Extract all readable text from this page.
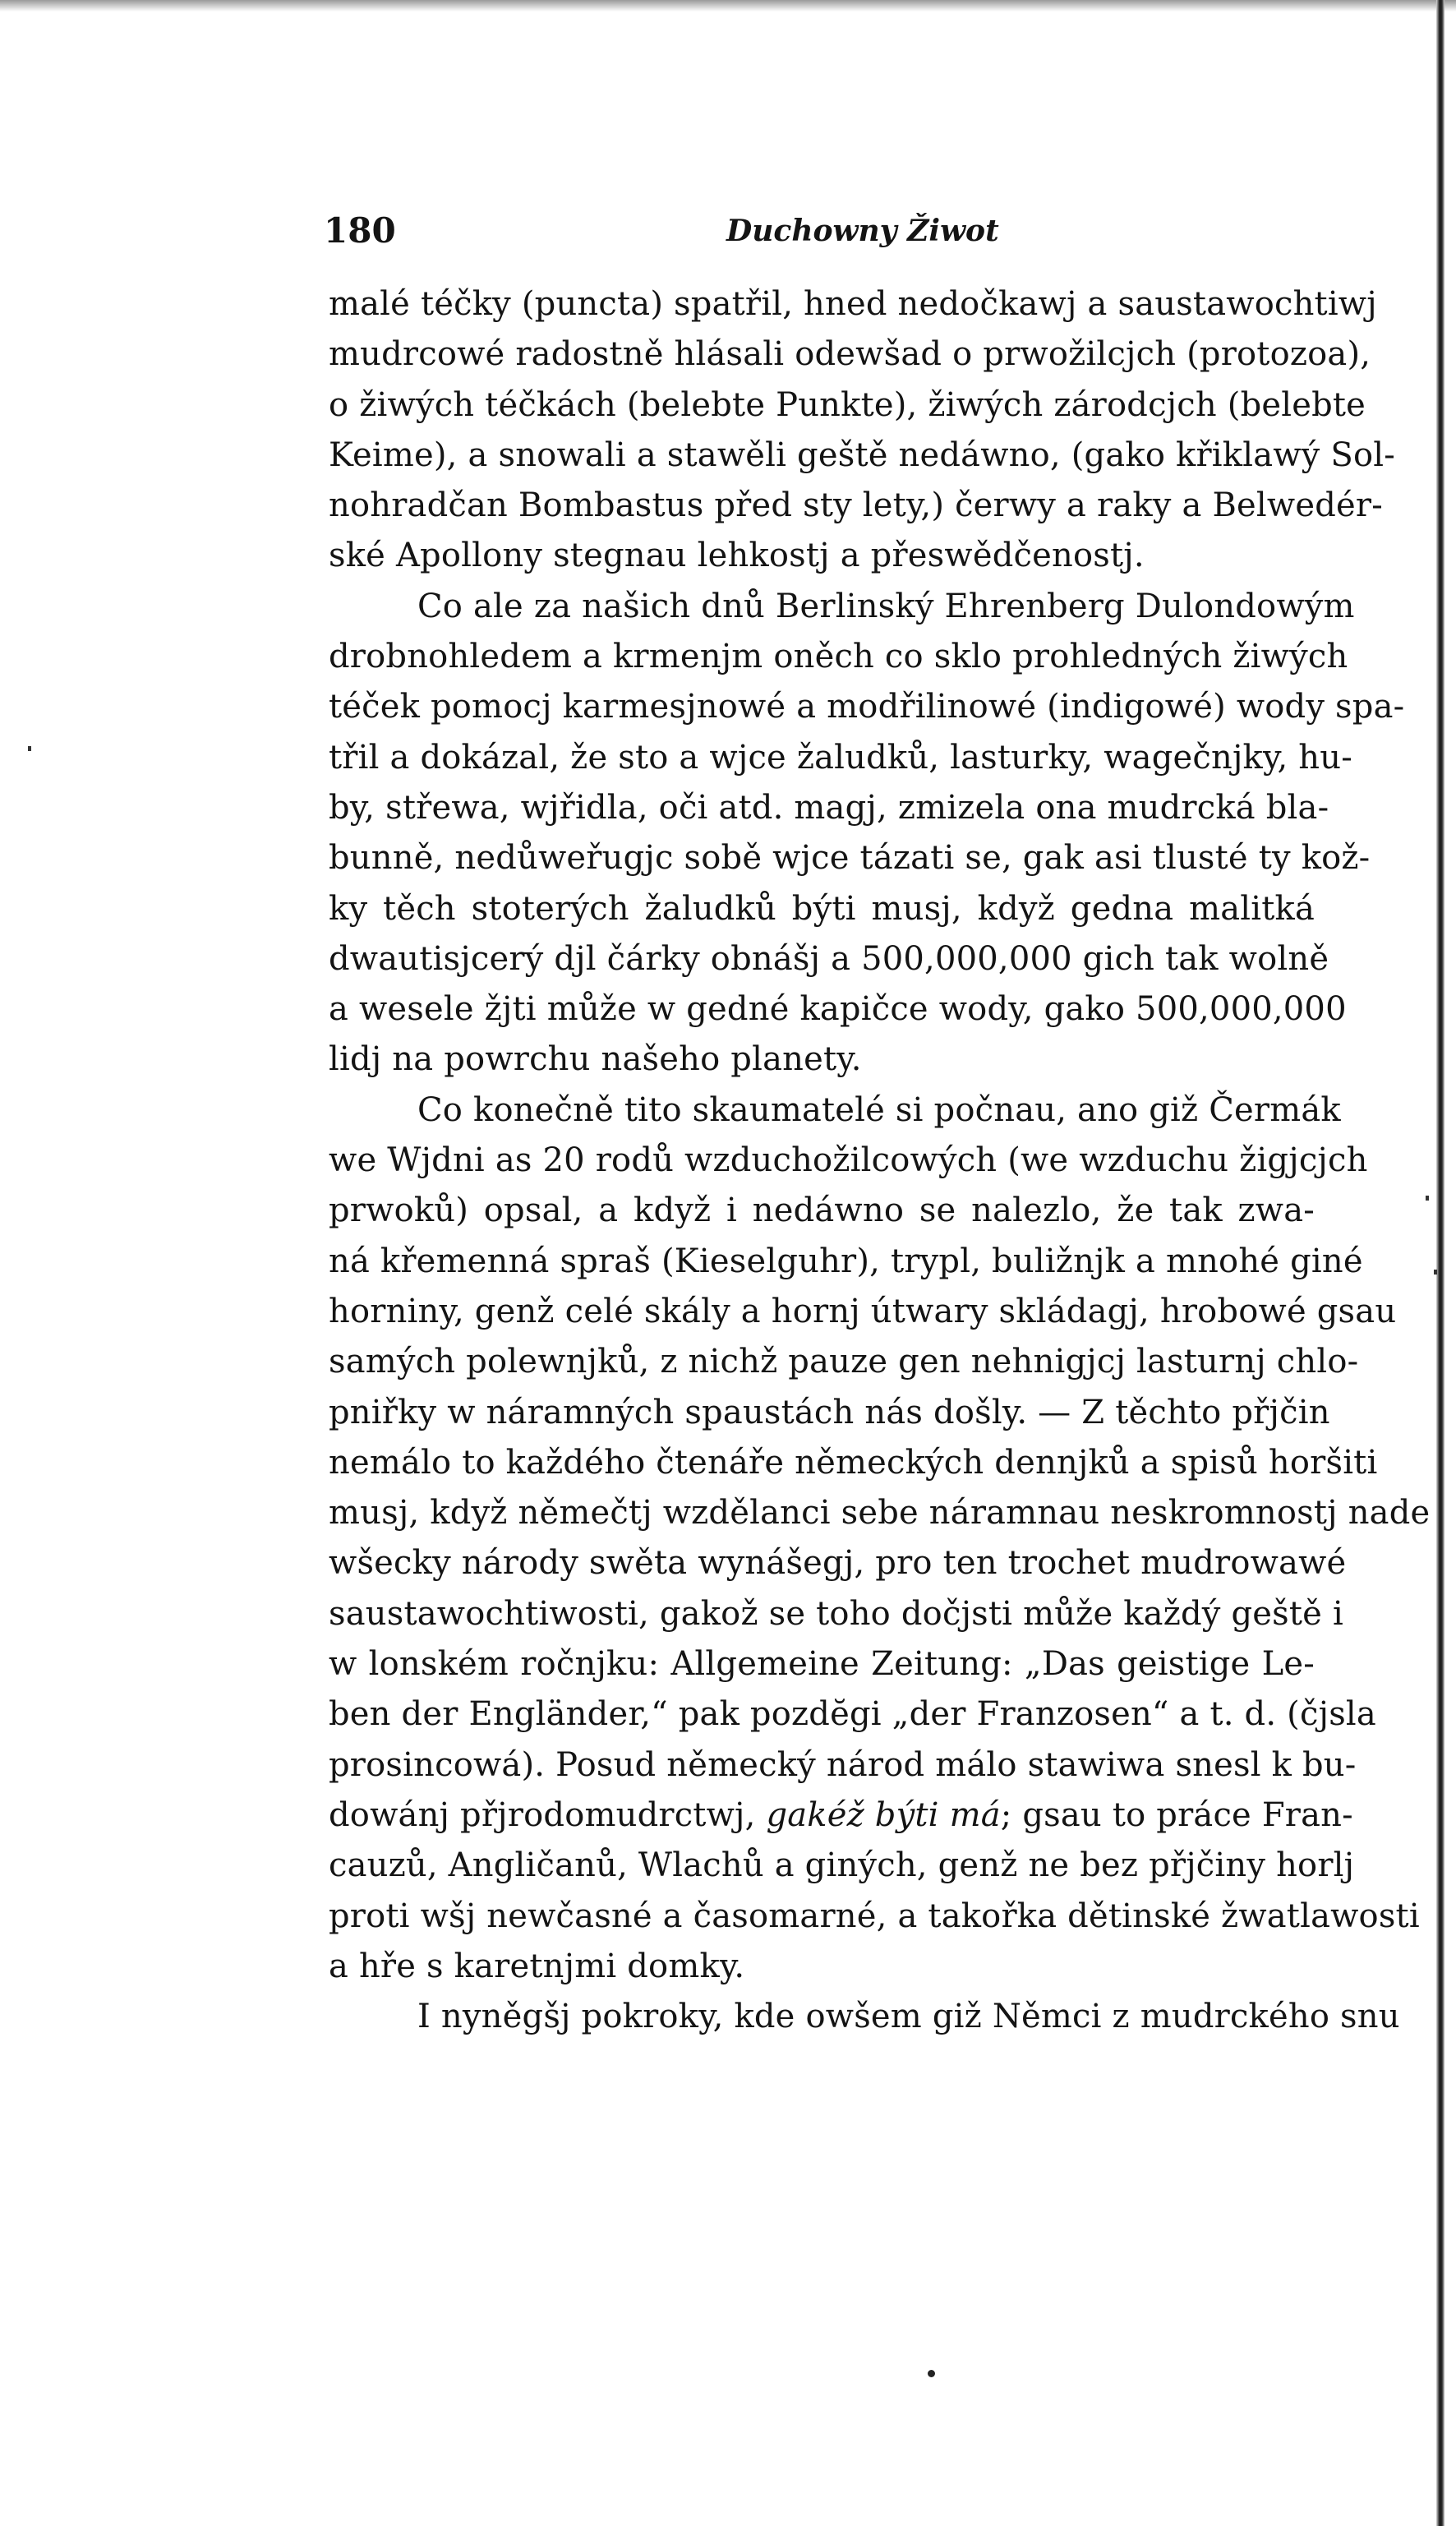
180	Duchowny Žiwot
malé téčky (puncta) spatřil, hned nedočkawj a saustawochtiwj
mudrcowé radostně hlásali odewšad o prwožilcjch (protozoa),
o žiwých téčkách (belebte Punkte), žiwých zárodcjch (belebte
Keime), a snowali a stawěli geště nedáwno, (gako křiklawý Sol-
nohradčan Bombastus před sty lety,) čerwy a raky a Belwedér-
ské Apollony stegnau lehkostj a přeswědčenostj.
Co ale za našich dnů Berlinský Ehrenberg Dulondowým
drobnohledem a krmenjm oněch co sklo prohledných žiwých
téček pomocj karmesjnowé a modřilinowé (indigowé) wody spa-
třil a dokázal, že sto a wjce žaludků, lasturky, wagečnjky, hu-
by, střewa, wjřidla, oči atd. magj, zmizela ona mudrcká bla-
bunně, nedůweřugjc sobě wjce tázati se, gak asi tlusté ty kož-
ky těch stoterých žaludků býti musj, když gedna malitká
dwautisjcerý djl čárky obnášj a 500,000,000 gich tak wolně
a wesele žjti může w gedné kapičce wody, gako 500,000,000
lidj na powrchu našeho planety.
Co konečně tito skaumatelé si počnau, ano giž Čermák
we Wjdni as 20 rodů wzduchožilcowých (we wzduchu žigjcjch
prwoků) opsal, a když i nedáwno se nalezlo, že tak zwa-
ná křemenná spraš (Kieselguhr), trypl, buližnjk a mnohé giné
horniny, genž celé skály a hornj útwary skládagj, hrobowé gsau
samých polewnjků, z nichž pauze gen nehnigjcj lasturnj chlo-
pniřky w náramných spaustách nás došly. — Z těchto přjčin
nemálo to každého čtenáře německých dennjků a spisů horšiti
musj, když němečtj wzdělanci sebe náramnau neskromnostj nade
wšecky národy swěta wynášegj, pro ten trochet mudrowawé
saustawochtiwosti, gakož se toho dočjsti může každý geště i
w lonském ročnjku: Allgemeine Zeitung: „Das geistige Le-
ben der Engländer,“ pak pozdĕgi „der Franzosen“ a t. d. (čjsla
prosincowá). Posud německý národ málo stawiwa snesl k bu-
dowánj přjrodomudrctwj, gakéž býti má; gsau to práce Fran-
cauzů, Angličanů, Wlachů a giných, genž ne bez přjčiny horlj
proti wšj newčasné a časomarné, a takořka dětinské žwatlawosti
a hře s karetnjmi domky.
I nyněgšj pokroky, kde owšem giž Němci z mudrckého snu
